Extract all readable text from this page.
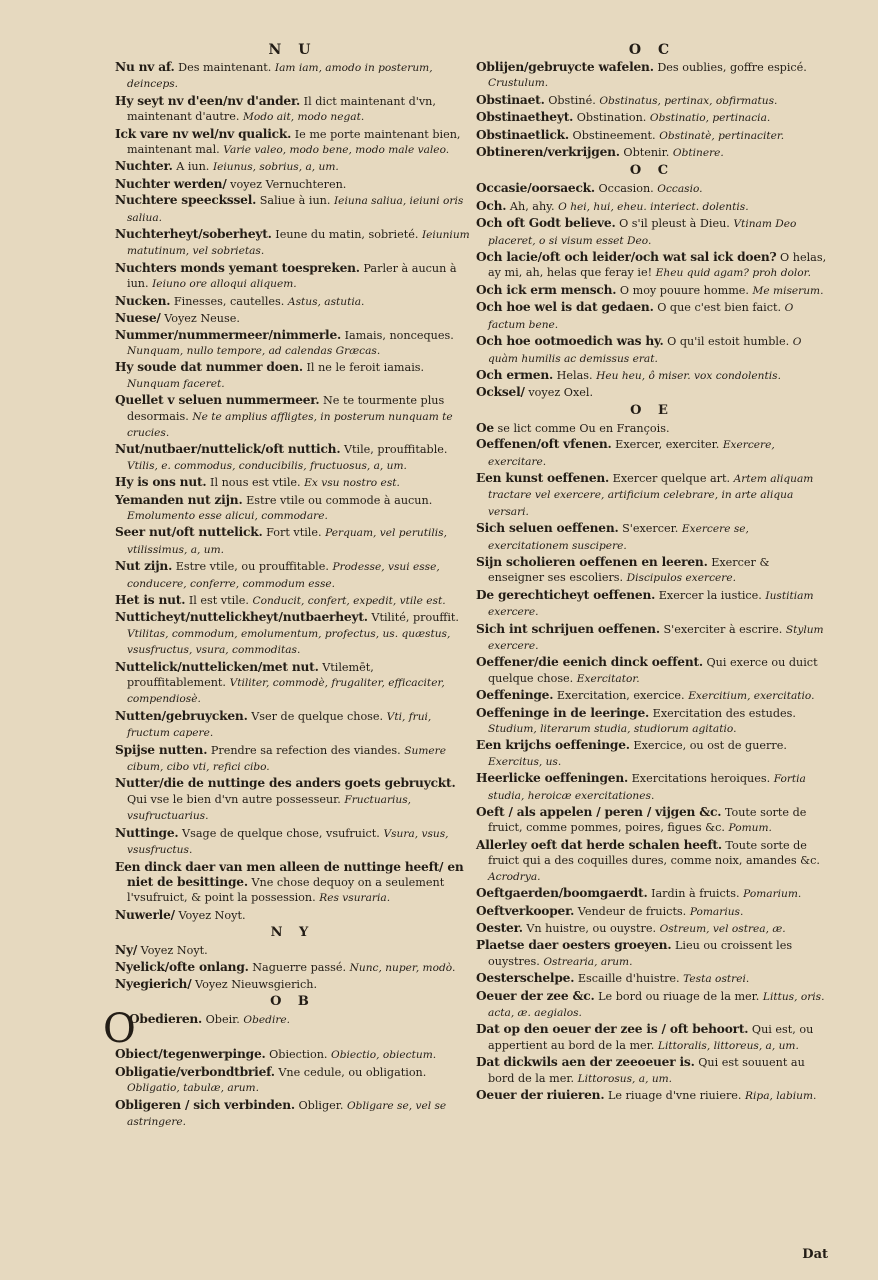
N U
Nu nv af. Des maintenant. Iam iam, amodo in posterum, deinceps.
Hy seyt nv d'een/nv d'ander. Il dict maintenant d'vn, maintenant d'autre. Modo ait, modo negat.
Ick vare nv wel/nv qualick. Ie me porte maintenant bien, maintenant mal. Varie valeo, modo bene, modo male valeo.
Nuchter. A iun. Ieiunus, sobrius, a, um.
Nuchter werden/ voyez Vernuchteren.
Nuchtere speeckssel. Saliue à iun. Ieiuna saliua, ieiuni oris saliua.
Nuchterheyt/soberheyt. Ieune du matin, sobrieté. Ieiunium matutinum, vel sobrietas.
Nuchters monds yemant toespreken. Parler à aucun à iun. Ieiuno ore alloqui aliquem.
Nucken. Finesses, cautelles. Astus, astutia.
Nuese/ Voyez Neuse.
Nummer/nummermeer/nimmerle. Iamais, nonceques. Nunquam, nullo tempore, ad calendas Græcas.
Hy soude dat nummer doen. Il ne le feroit iamais. Nunquam faceret.
Quellet v seluen nummermeer. Ne te tourmente plus desormais. Ne te amplius affligtes, in posterum nunquam te crucies.
Nut/nutbaer/nuttelick/oft nuttich. Vtile, prouffitable. Vtilis, e. commodus, conducibilis, fructuosus, a, um.
Hy is ons nut. Il nous est vtile. Ex vsu nostro est.
Yemanden nut zijn. Estre vtile ou commode à aucun. Emolumento esse alicui, commodare.
Seer nut/oft nuttelick. Fort vtile. Perquam, vel perutilis, vtilissimus, a, um.
Nut zijn. Estre vtile, ou prouffitable. Prodesse, vsui esse, conducere, conferre, commodum esse.
Het is nut. Il est vtile. Conducit, confert, expedit, vtile est.
Nutticheyt/nuttelickheyt/nutbaerheyt. Vtilité, prouffit. Vtilitas, commodum, emolumentum, profectus, us. quæstus, vsusfructus, vsura, commoditas.
Nuttelick/nuttelicken/met nut. Vtilemēt, prouffitablement. Vtiliter, commodè, frugaliter, efficaciter, compendiosè.
Nutten/gebruycken. Vser de quelque chose. Vti, frui, fructum capere.
Spijse nutten. Prendre sa refection des viandes. Sumere cibum, cibo vti, refici cibo.
Nutter/die de nuttinge des anders goets gebruyckt. Qui vse le bien d'vn autre possesseur. Fructuarius, vsufructuarius.
Nuttinge. Vsage de quelque chose, vsufruict. Vsura, vsus, vsusfructus.
Een dinck daer van men alleen de nuttinge heeft/ en niet de besittinge. Vne chose dequoy on a seulement l'vsufruict, & point la possession. Res vsuraria.
Nuwerle/ Voyez Noyt.
N Y
Ny/ Voyez Noyt.
Nyelick/ofte onlang. Naguerre passé. Nunc, nuper, modò.
Nyegierich/ Voyez Nieuwsgierich.
O B
O
Obedieren. Obeir. Obedire.
Obiect/tegenwerpinge. Obiection. Obiectio, obiectum.
Obligatie/verbondtbrief. Vne cedule, ou obligation. Obligatio, tabulæ, arum.
Obligeren / sich verbinden. Obliger. Obligare se, vel se astringere.
O C
Oblijen/gebruycte wafelen. Des oublies, goffre espicé. Crustulum.
Obstinaet. Obstiné. Obstinatus, pertinax, obfirmatus.
Obstinaetheyt. Obstination. Obstinatio, pertinacia.
Obstinaetlick. Obstineement. Obstinatè, pertinaciter.
Obtineren/verkrijgen. Obtenir. Obtinere.
O C
Occasie/oorsaeck. Occasion. Occasio.
Och. Ah, ahy. O hei, hui, eheu. interiect. dolentis.
Och oft Godt believe. O s'il pleust à Dieu. Vtinam Deo placeret, o si visum esset Deo.
Och lacie/oft och leider/och wat sal ick doen? O helas, ay mi, ah, helas que feray ie! Eheu quid agam? proh dolor.
Och ick erm mensch. O moy pouure homme. Me miserum.
Och hoe wel is dat gedaen. O que c'est bien faict. O factum bene.
Och hoe ootmoedich was hy. O qu'il estoit humble. O quàm humilis ac demissus erat.
Och ermen. Helas. Heu heu, ô miser. vox condolentis.
Ocksel/ voyez Oxel.
O E
Oe se lict comme Ou en François.
Oeffenen/oft vfenen. Exercer, exerciter. Exercere, exercitare.
Een kunst oeffenen. Exercer quelque art. Artem aliquam tractare vel exercere, artificium celebrare, in arte aliqua versari.
Sich seluen oeffenen. S'exercer. Exercere se, exercitationem suscipere.
Sijn scholieren oeffenen en leeren. Exercer & enseigner ses escoliers. Discipulos exercere.
De gerechticheyt oeffenen. Exercer la iustice. Iustitiam exercere.
Sich int schrijuen oeffenen. S'exerciter à escrire. Stylum exercere.
Oeffener/die eenich dinck oeffent. Qui exerce ou duict quelque chose. Exercitator.
Oeffeninge. Exercitation, exercice. Exercitium, exercitatio.
Oeffeninge in de leeringe. Exercitation des estudes. Studium, literarum studia, studiorum agitatio.
Een krijchs oeffeninge. Exercice, ou ost de guerre. Exercitus, us.
Heerlicke oeffeningen. Exercitations heroiques. Fortia studia, heroicæ exercitationes.
Oeft / als appelen / peren / vijgen &c. Toute sorte de fruict, comme pommes, poires, figues &c. Pomum.
Allerley oeft dat herde schalen heeft. Toute sorte de fruict qui a des coquilles dures, comme noix, amandes &c. Acrodrya.
Oeftgaerden/boomgaerdt. Iardin à fruicts. Pomarium.
Oeftverkooper. Vendeur de fruicts. Pomarius.
Oester. Vn huistre, ou ouystre. Ostreum, vel ostrea, æ.
Plaetse daer oesters groeyen. Lieu ou croissent les ouystres. Ostrearia, arum.
Oesterschelpe. Escaille d'huistre. Testa ostrei.
Oeuer der zee &c. Le bord ou riuage de la mer. Littus, oris. acta, æ. aegialos.
Dat op den oeuer der zee is / oft behoort. Qui est, ou appertient au bord de la mer. Littoralis, littoreus, a, um.
Dat dickwils aen der zeeoeuer is. Qui est souuent au bord de la mer. Littorosus, a, um.
Oeuer der riuieren. Le riuage d'vne riuiere. Ripa, labium.
Dat
